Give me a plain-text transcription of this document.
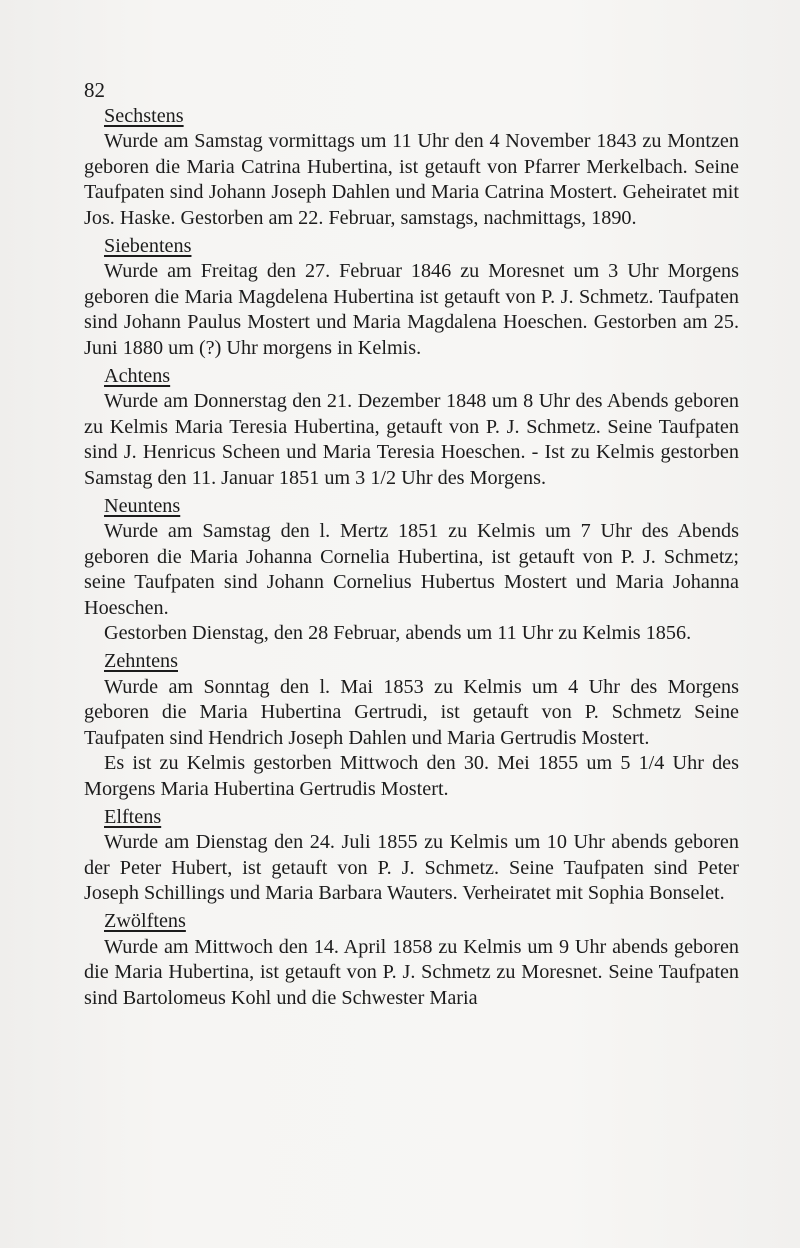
82

Sechstens

Wurde am Samstag vormittags um 11 Uhr den 4 November 1843 zu Montzen geboren die Maria Catrina Hubertina, ist getauft von Pfarrer Merkelbach. Seine Taufpaten sind Johann Joseph Dahlen und Maria Catrina Mostert. Geheiratet mit Jos. Haske. Gestorben am 22. Februar, samstags, nachmittags, 1890.

Siebentens

Wurde am Freitag den 27. Februar 1846 zu Moresnet um 3 Uhr Morgens geboren die Maria Magdelena Hubertina ist getauft von P. J. Schmetz. Taufpaten sind Johann Paulus Mostert und Maria Magdalena Hoeschen. Gestorben am 25. Juni 1880 um (?) Uhr morgens in Kelmis.

Achtens

Wurde am Donnerstag den 21. Dezember 1848 um 8 Uhr des Abends geboren zu Kelmis Maria Teresia Hubertina, getauft von P. J. Schmetz. Seine Taufpaten sind J. Henricus Scheen und Maria Teresia Hoeschen. - Ist zu Kelmis gestorben Samstag den 11. Januar 1851 um 3 1/2 Uhr des Morgens.

Neuntens

Wurde am Samstag den l. Mertz 1851 zu Kelmis um 7 Uhr des Abends geboren die Maria Johanna Cornelia Hubertina, ist getauft von P. J. Schmetz; seine Taufpaten sind Johann Cornelius Hubertus Mostert und Maria Johanna Hoeschen.

Gestorben Dienstag, den 28 Februar, abends um 11 Uhr zu Kelmis 1856.

Zehntens

Wurde am Sonntag den l. Mai 1853 zu Kelmis um 4 Uhr des Morgens geboren die Maria Hubertina Gertrudi, ist getauft von P. Schmetz Seine Taufpaten sind Hendrich Joseph Dahlen und Maria Gertrudis Mostert.

Es ist zu Kelmis gestorben Mittwoch den 30. Mei 1855 um 5 1/4 Uhr des Morgens Maria Hubertina Gertrudis Mostert.

Elftens

Wurde am Dienstag den 24. Juli 1855 zu Kelmis um 10 Uhr abends geboren der Peter Hubert, ist getauft von P. J. Schmetz. Seine Taufpaten sind Peter Joseph Schillings und Maria Barbara Wauters. Verheiratet mit Sophia Bonselet.

Zwölftens

Wurde am Mittwoch den 14. April 1858 zu Kelmis um 9 Uhr abends geboren die Maria Hubertina, ist getauft von P. J. Schmetz zu Moresnet. Seine Taufpaten sind Bartolomeus Kohl und die Schwester Maria
